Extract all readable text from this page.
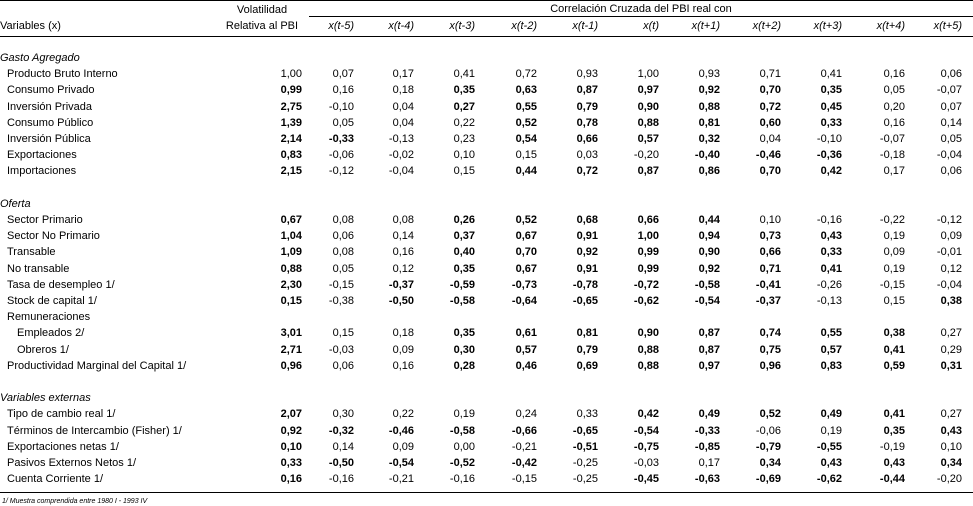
Volatilidad
Relativa al PBI
Variables (x)
Correlación Cruzada del PBI real con
x(t-5)	x(t-4)	x(t-3)	x(t-2)	x(t-1)	x(t)	x(t+1)	x(t+2)	x(t+3)	x(t+4)	x(t+5)
Gasto Agregado
Producto Bruto Interno	1,00	0,07	0,17	0,41	0,72	0,93	1,00	0,93	0,71	0,41	0,16	0,06
Consumo Privado	0,99	0,16	0,18	0,35	0,63	0,87	0,97	0,92	0,70	0,35	0,05	-0,07
Inversión Privada	2,75	-0,10	0,04	0,27	0,55	0,79	0,90	0,88	0,72	0,45	0,20	0,07
Consumo Público	1,39	0,05	0,04	0,22	0,52	0,78	0,88	0,81	0,60	0,33	0,16	0,14
Inversión Pública	2,14	-0,33	-0,13	0,23	0,54	0,66	0,57	0,32	0,04	-0,10	-0,07	0,05
Exportaciones	0,83	-0,06	-0,02	0,10	0,15	0,03	-0,20	-0,40	-0,46	-0,36	-0,18	-0,04
Importaciones	2,15	-0,12	-0,04	0,15	0,44	0,72	0,87	0,86	0,70	0,42	0,17	0,06
Oferta
Sector Primario	0,67	0,08	0,08	0,26	0,52	0,68	0,66	0,44	0,10	-0,16	-0,22	-0,12
Sector No Primario	1,04	0,06	0,14	0,37	0,67	0,91	1,00	0,94	0,73	0,43	0,19	0,09
Transable	1,09	0,08	0,16	0,40	0,70	0,92	0,99	0,90	0,66	0,33	0,09	-0,01
No transable	0,88	0,05	0,12	0,35	0,67	0,91	0,99	0,92	0,71	0,41	0,19	0,12
Tasa de desempleo 1/	2,30	-0,15	-0,37	-0,59	-0,73	-0,78	-0,72	-0,58	-0,41	-0,26	-0,15	-0,04
Stock de capital 1/	0,15	-0,38	-0,50	-0,58	-0,64	-0,65	-0,62	-0,54	-0,37	-0,13	0,15	0,38
Remuneraciones
Empleados 2/	3,01	0,15	0,18	0,35	0,61	0,81	0,90	0,87	0,74	0,55	0,38	0,27
Obreros 1/	2,71	-0,03	0,09	0,30	0,57	0,79	0,88	0,87	0,75	0,57	0,41	0,29
Productividad Marginal del Capital 1/	0,96	0,06	0,16	0,28	0,46	0,69	0,88	0,97	0,96	0,83	0,59	0,31
Variables externas
Tipo de cambio real 1/	2,07	0,30	0,22	0,19	0,24	0,33	0,42	0,49	0,52	0,49	0,41	0,27
Términos de Intercambio (Fisher) 1/	0,92	-0,32	-0,46	-0,58	-0,66	-0,65	-0,54	-0,33	-0,06	0,19	0,35	0,43
Exportaciones netas 1/	0,10	0,14	0,09	0,00	-0,21	-0,51	-0,75	-0,85	-0,79	-0,55	-0,19	0,10
Pasivos Externos Netos 1/	0,33	-0,50	-0,54	-0,52	-0,42	-0,25	-0,03	0,17	0,34	0,43	0,43	0,34
Cuenta Corriente 1/	0,16	-0,16	-0,21	-0,16	-0,15	-0,25	-0,45	-0,63	-0,69	-0,62	-0,44	-0,20
1/ Muestra comprendida entre 1980 I - 1993 IV
